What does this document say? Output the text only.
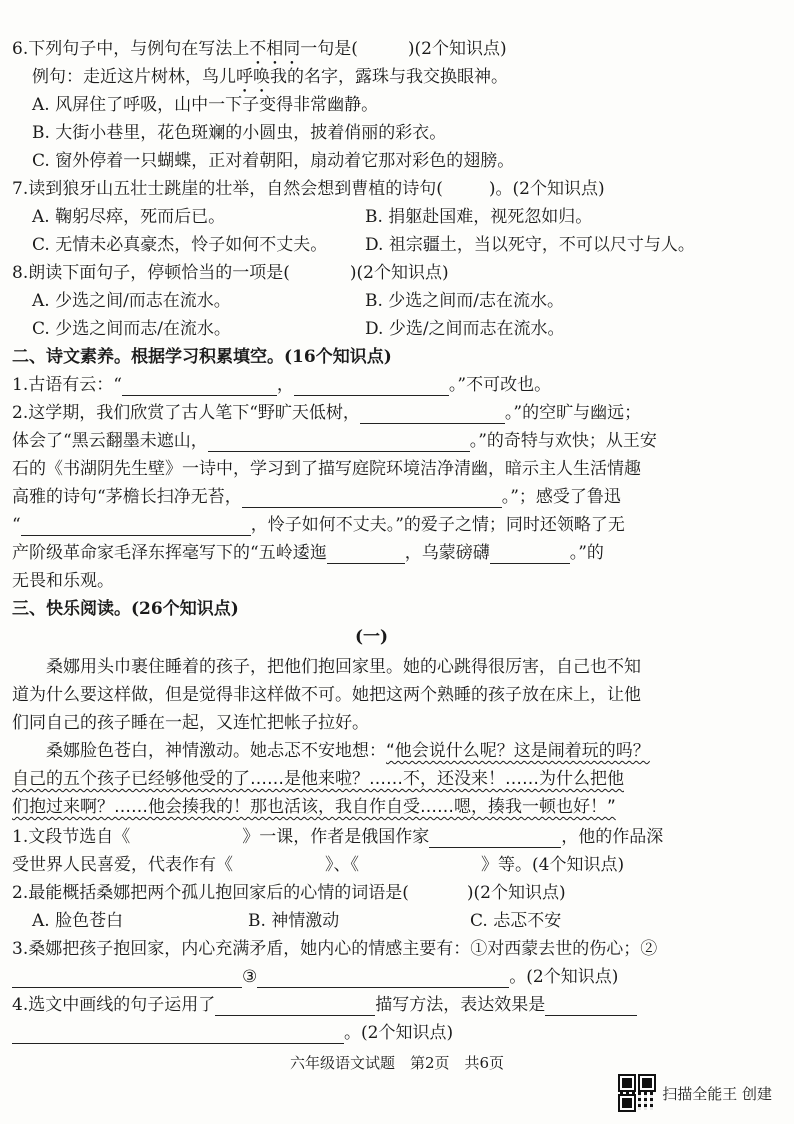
6.下列句子中，与例句在写法上不相同一句是(	)(2个知识点)
例句：走近这片树林，鸟儿呼唤我的名字，露珠与我交换眼神。
A. 风屏住了呼吸，山中一下子变得非常幽静。
B. 大街小巷里，花色斑斓的小圆虫，披着俏丽的彩衣。
C. 窗外停着一只蝴蝶，正对着朝阳，扇动着它那对彩色的翅膀。
7.读到狼牙山五壮士跳崖的壮举，自然会想到曹植的诗句(	)。(2个知识点)
A. 鞠躬尽瘁，死而后已。	B. 捐躯赴国难，视死忽如归。
C. 无情未必真豪杰，怜子如何不丈夫。 D. 祖宗疆土，当以死守，不可以尺寸与人。
8.朗读下面句子，停顿恰当的一项是(	)(2个知识点)
A. 少选之间/而志在流水。	B. 少选之间而/志在流水。
C. 少选之间而志/在流水。	D. 少选/之间而志在流水。
二、诗文素养。根据学习积累填空。(16个知识点)
1.古语有云：“	，	。”不可改也。
2.这学期，我们欣赏了古人笔下“野旷天低树，	。”的空旷与幽远；
体会了“黑云翻墨未遮山，	。”的奇特与欢快；从王安
石的《书湖阴先生壁》一诗中，学习到了描写庭院环境洁净清幽，暗示主人生活情趣
高雅的诗句“茅檐长扫净无苔，	。”；感受了鲁迅
“	，怜子如何不丈夫。”的爱子之情；同时还领略了无
产阶级革命家毛泽东挥毫写下的“五岭逶迤	，乌蒙磅礴	。”的
无畏和乐观。
三、快乐阅读。(26个知识点)
(一)
桑娜用头巾裹住睡着的孩子，把他们抱回家里。她的心跳得很厉害，自己也不知
道为什么要这样做，但是觉得非这样做不可。她把这两个熟睡的孩子放在床上，让他
们同自己的孩子睡在一起，又连忙把帐子拉好。
桑娜脸色苍白，神情激动。她忐忑不安地想：“他会说什么呢？这是闹着玩的吗？
自己的五个孩子已经够他受的了……是他来啦？……不，还没来！……为什么把他
们抱过来啊？……他会揍我的！那也活该，我自作自受……嗯，揍我一顿也好！”
1.文段节选自《	》一课，作者是俄国作家	，他的作品深
受世界人民喜爱，代表作有《	》、《	》等。(4个知识点)
2.最能概括桑娜把两个孤儿抱回家后的心情的词语是(	)(2个知识点)
A. 脸色苍白	B. 神情激动	C. 忐忑不安
3.桑娜把孩子抱回家，内心充满矛盾，她内心的情感主要有：①对西蒙去世的伤心；②
③	。(2个知识点)
4.选文中画线的句子运用了	描写方法，表达效果是
。(2个知识点)
六年级语文试题　第2页　共6页
扫描全能王 创建
